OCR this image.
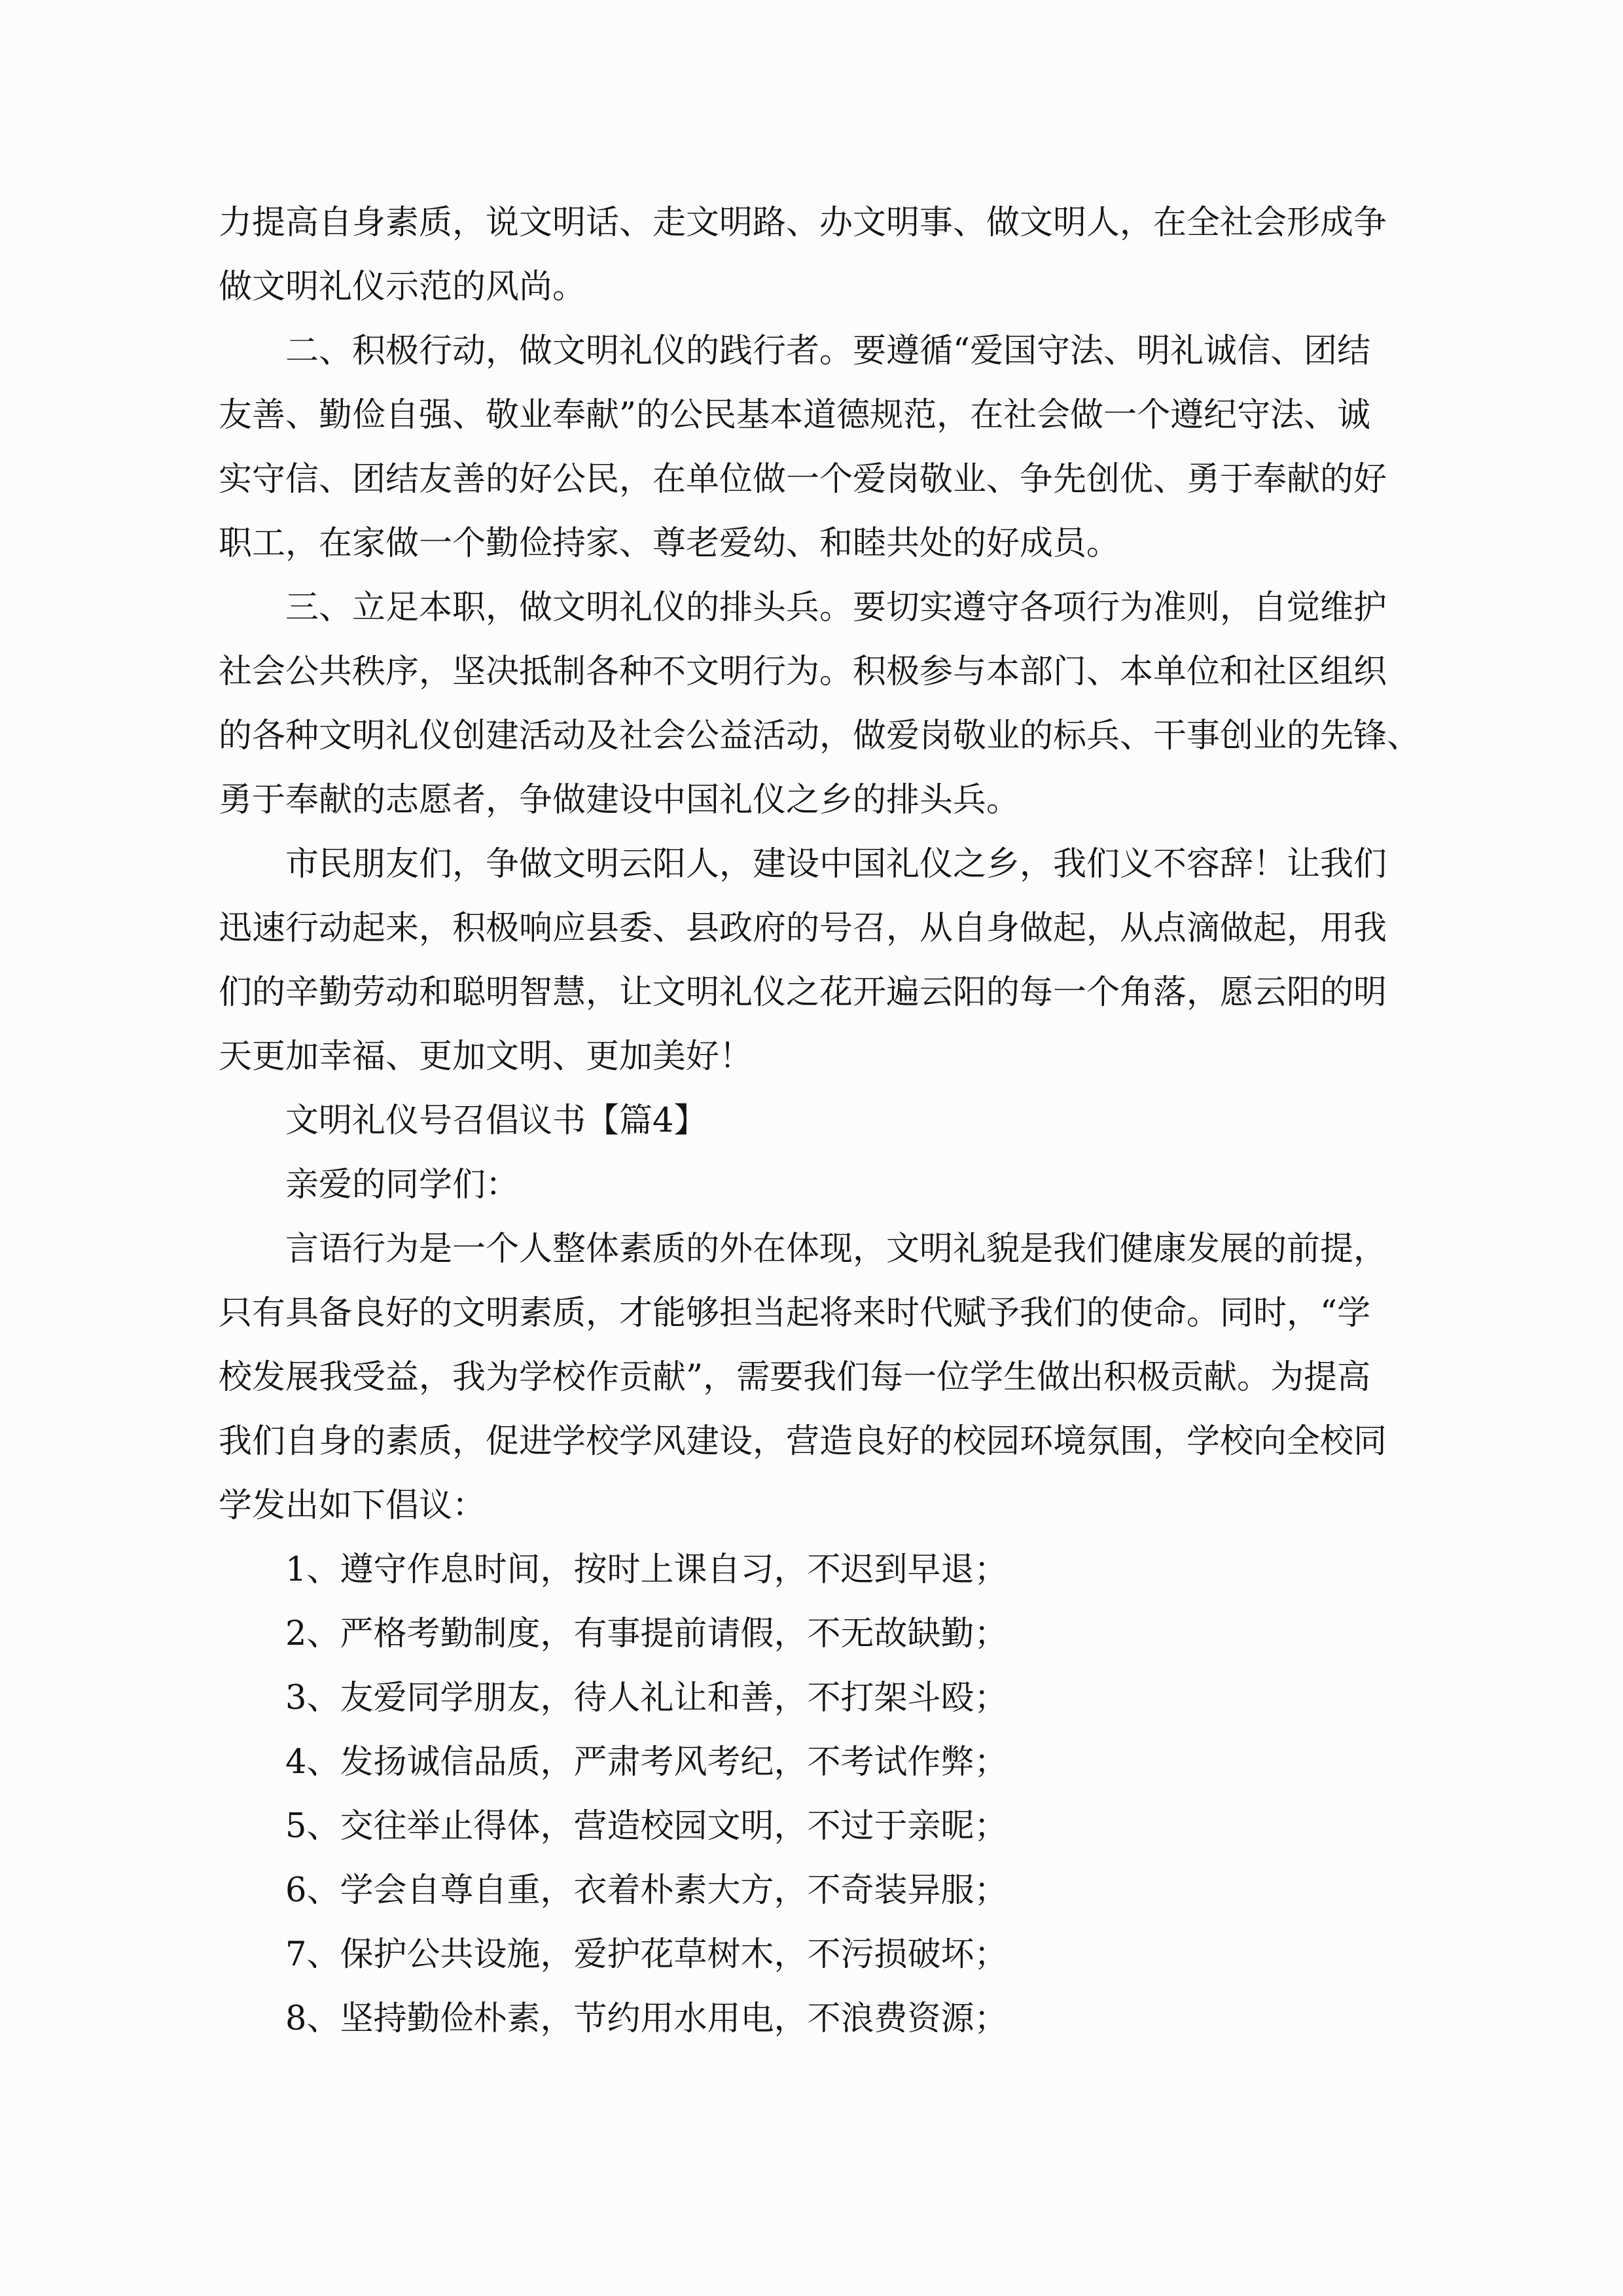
力提高自身素质，说文明话、走文明路、办文明事、做文明人，在全社会形成争
做文明礼仪示范的风尚。
二、积极行动，做文明礼仪的践行者。要遵循“爱国守法、明礼诚信、团结
友善、勤俭自强、敬业奉献”的公民基本道德规范，在社会做一个遵纪守法、诚
实守信、团结友善的好公民，在单位做一个爱岗敬业、争先创优、勇于奉献的好
职工，在家做一个勤俭持家、尊老爱幼、和睦共处的好成员。
三、立足本职，做文明礼仪的排头兵。要切实遵守各项行为准则，自觉维护
社会公共秩序，坚决抵制各种不文明行为。积极参与本部门、本单位和社区组织
的各种文明礼仪创建活动及社会公益活动，做爱岗敬业的标兵、干事创业的先锋、
勇于奉献的志愿者，争做建设中国礼仪之乡的排头兵。
市民朋友们，争做文明云阳人，建设中国礼仪之乡，我们义不容辞！让我们
迅速行动起来，积极响应县委、县政府的号召，从自身做起，从点滴做起，用我
们的辛勤劳动和聪明智慧，让文明礼仪之花开遍云阳的每一个角落，愿云阳的明
天更加幸福、更加文明、更加美好！
文明礼仪号召倡议书【篇4】
亲爱的同学们：
言语行为是一个人整体素质的外在体现，文明礼貌是我们健康发展的前提，
只有具备良好的文明素质，才能够担当起将来时代赋予我们的使命。同时，“学
校发展我受益，我为学校作贡献”，需要我们每一位学生做出积极贡献。为提高
我们自身的素质，促进学校学风建设，营造良好的校园环境氛围，学校向全校同
学发出如下倡议：
1、遵守作息时间，按时上课自习，不迟到早退；
2、严格考勤制度，有事提前请假，不无故缺勤；
3、友爱同学朋友，待人礼让和善，不打架斗殴；
4、发扬诚信品质，严肃考风考纪，不考试作弊；
5、交往举止得体，营造校园文明，不过于亲昵；
6、学会自尊自重，衣着朴素大方，不奇装异服；
7、保护公共设施，爱护花草树木，不污损破坏；
8、坚持勤俭朴素，节约用水用电，不浪费资源；
